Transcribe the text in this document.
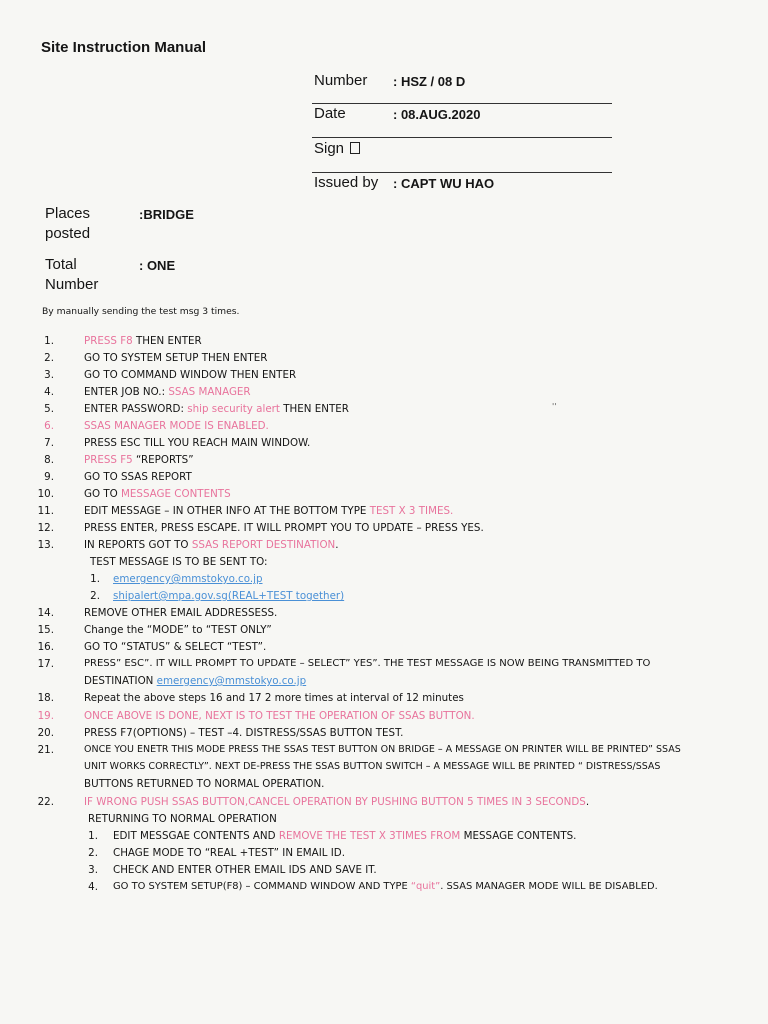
Site Instruction Manual
Number : HSZ / 08 D
Date	: 08.AUG.2020
Sign
Issued by : CAPT WU HAO
Places
posted
:BRIDGE
Total
Number
: ONE
By manually sending the test msg 3 times.
''
1.	PRESS F8 THEN ENTER
2.	GO TO SYSTEM SETUP THEN ENTER
3.	GO TO COMMAND WINDOW THEN ENTER
4.	ENTER JOB NO.: SSAS MANAGER
5.	ENTER PASSWORD: ship security alert THEN ENTER
6.	SSAS MANAGER MODE IS ENABLED.
7.	PRESS ESC TILL YOU REACH MAIN WINDOW.
8.	PRESS F5 “REPORTS”
9.	GO TO SSAS REPORT
10.	GO TO MESSAGE CONTENTS
11.	EDIT MESSAGE – IN OTHER INFO AT THE BOTTOM TYPE TEST X 3 TIMES.
12.	PRESS ENTER, PRESS ESCAPE. IT WILL PROMPT YOU TO UPDATE – PRESS YES.
13.	IN REPORTS GOT TO SSAS REPORT DESTINATION.
TEST MESSAGE IS TO BE SENT TO:
1. emergency@mmstokyo.co.jp
2. shipalert@mpa.gov.sg(REAL+TEST together)
14.	REMOVE OTHER EMAIL ADDRESSESS.
15.	Change the “MODE” to “TEST ONLY”
16.	GO TO “STATUS” & SELECT “TEST”.
17.	PRESS” ESC”. IT WILL PROMPT TO UPDATE – SELECT” YES”. THE TEST MESSAGE IS NOW BEING TRANSMITTED TO
DESTINATION emergency@mmstokyo.co.jp
18.	Repeat the above steps 16 and 17 2 more times at interval of 12 minutes
19.	ONCE ABOVE IS DONE, NEXT IS TO TEST THE OPERATION OF SSAS BUTTON.
20.	PRESS F7(OPTIONS) – TEST –4. DISTRESS/SSAS BUTTON TEST.
21.	ONCE YOU ENETR THIS MODE PRESS THE SSAS TEST BUTTON ON BRIDGE – A MESSAGE ON PRINTER WILL BE PRINTED” SSAS
UNIT WORKS CORRECTLY”. NEXT DE-PRESS THE SSAS BUTTON SWITCH – A MESSAGE WILL BE PRINTED “ DISTRESS/SSAS
BUTTONS RETURNED TO NORMAL OPERATION.
22.	IF WRONG PUSH SSAS BUTTON,CANCEL OPERATION BY PUSHING BUTTON 5 TIMES IN 3 SECONDS.
RETURNING TO NORMAL OPERATION
1. EDIT MESSGAE CONTENTS AND REMOVE THE TEST X 3TIMES FROM MESSAGE CONTENTS.
2. CHAGE MODE TO “REAL +TEST” IN EMAIL ID.
3. CHECK AND ENTER OTHER EMAIL IDS AND SAVE IT.
4. GO TO SYSTEM SETUP(F8) – COMMAND WINDOW AND TYPE “quit”. SSAS MANAGER MODE WILL BE DISABLED.
